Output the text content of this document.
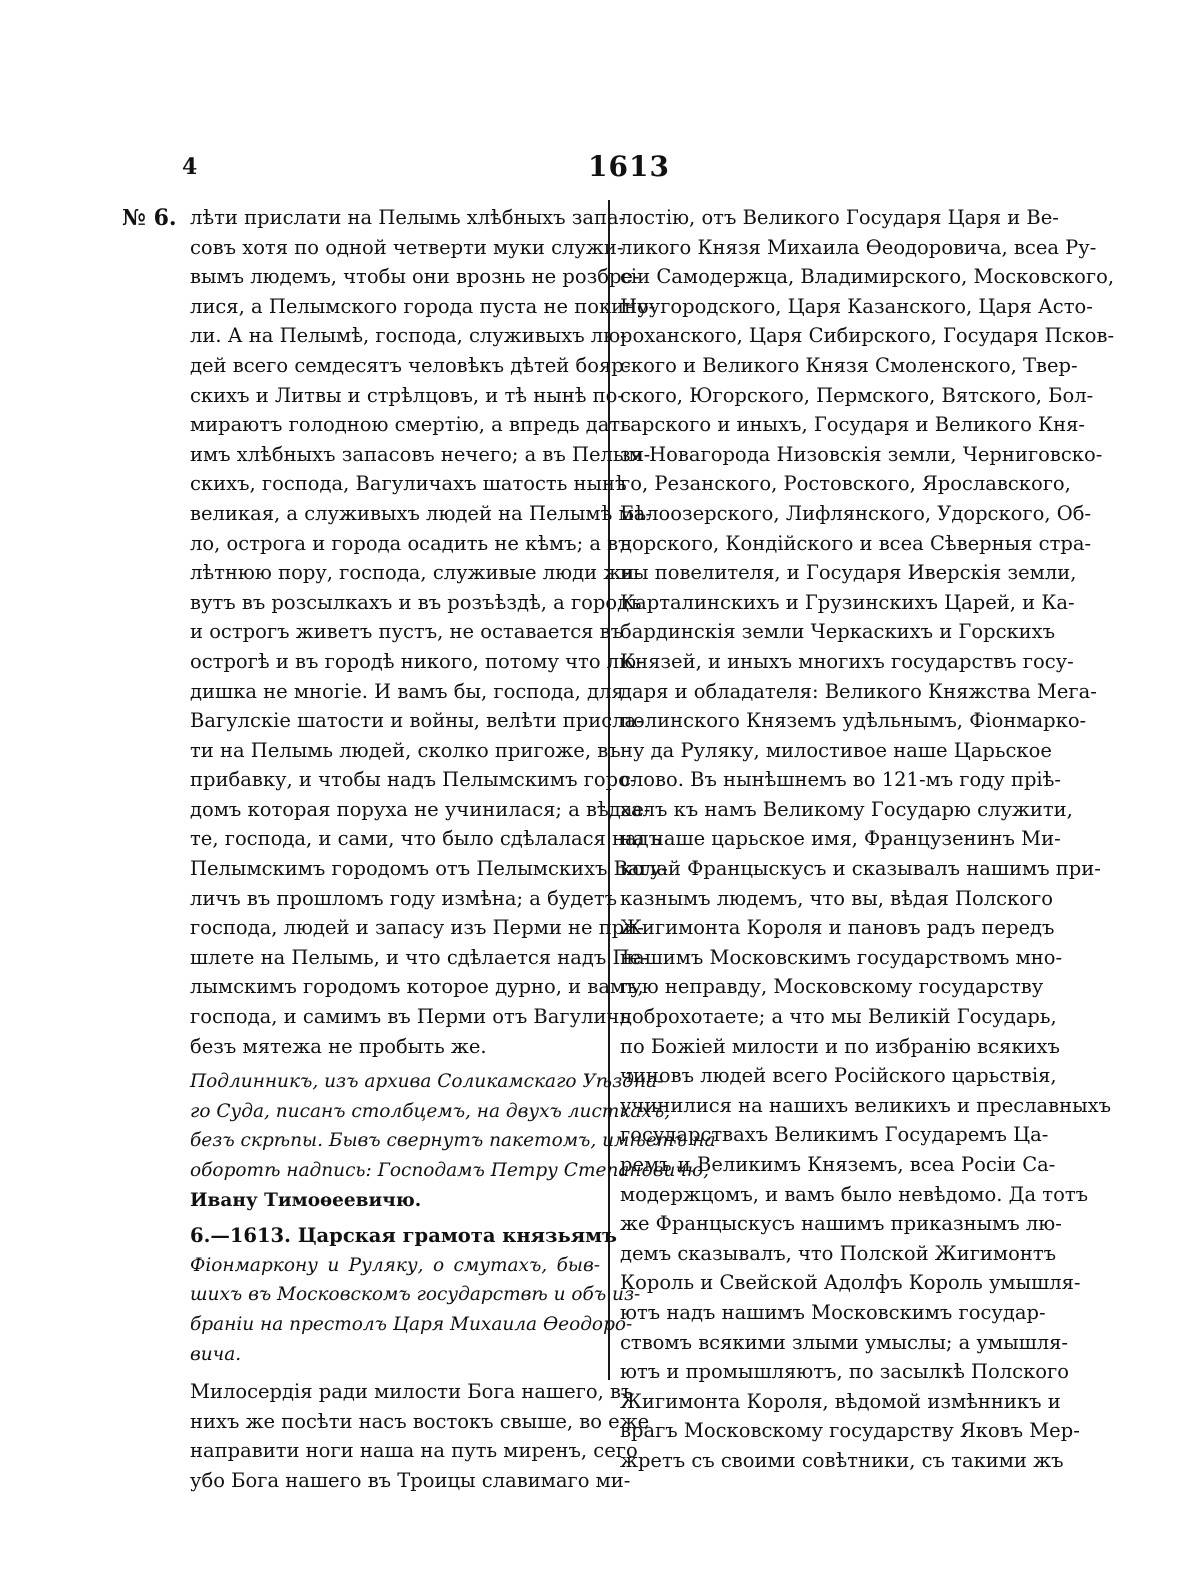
4	1613
№ 6. лѣти прислати на Пелымь хлѣбныхъ запа-
совъ хотя по одной четверти муки служи-
вымъ людемъ, чтобы они врознь не розбре-
лися, а Пелымского города пуста не покину-
ли. А на Пелымѣ, господа, служивыхъ лю-
дей всего семдесятъ человѣкъ дѣтей бояр-
скихъ и Литвы и стрѣлцовъ, и тѣ нынѣ по-
мираютъ голодною смертію, а впредь дать
имъ хлѣбныхъ запасовъ нечего; а въ Пелым-
скихъ, господа, Вагуличахъ шатость нынѣ
великая, а служивыхъ людей на Пелымѣ ма-
ло, острога и города осадить не кѣмъ; а въ
лѣтнюю пору, господа, служивые люди жи-
вутъ въ розсылкахъ и въ розъѣздѣ, а городъ
и острогъ живетъ пустъ, не оставается въ
острогѣ и въ городѣ никого, потому что лю-
дишка не многіе. И вамъ бы, господа, для
Вагулскіе шатости и войны, велѣти присла-
ти на Пелымь людей, сколко пригоже, въ
прибавку, и чтобы надъ Пелымскимъ горо-
домъ которая поруха не учинилася; а вѣдае-
те, господа, и сами, что было сдѣлалася надъ
Пелымскимъ городомъ отъ Пелымскихъ Вагу-
личъ въ прошломъ году измѣна; а будетъ
господа, людей и запасу изъ Перми не при-
шлете на Пелымь, и что сдѣлается надъ Пе-
лымскимъ городомъ которое дурно, и вамъ,
господа, и самимъ въ Перми отъ Вагуличь
безъ мятежа не пробыть же.
Подлинникъ, изъ архива Соликамскаго Уѣздна-
го Суда, писанъ столбцемъ, на двухъ листкахъ,
безъ скрѣпы. Бывъ свернутъ пакетомъ, имѣетъ на
оборотѣ надпись: Господамъ Петру Степановичю,
Ивану Тимоѳеевичю.
6.—1613. Царская грамота князьямъ
Фіонмаркону и Руляку, о смутахъ, быв-
шихъ въ Московскомъ государствѣ и объ из-
браніи на престолъ Царя Михаила Ѳеодоро-
вича.
Милосердія ради милости Бога нашего, въ
нихъ же посѣти насъ востокъ свыше, во еже
направити ноги наша на путь миренъ, сего
убо Бога нашего въ Троицы славимаго ми-
лостію, отъ Великого Государя Царя и Ве-
ликого Князя Михаила Ѳеодоровича, всеа Ру-
сіи Самодержца, Владимирского, Московского,
Ноугородского, Царя Казанского, Царя Асто-
роханского, Царя Сибирского, Государя Псков-
ского и Великого Князя Смоленского, Твер-
ского, Югорского, Пермского, Вятского, Бол-
гарского и иныхъ, Государя и Великого Кня-
зя Новагорода Низовскія земли, Черниговско-
го, Резанского, Ростовского, Ярославского,
Бѣлоозерского, Лифлянского, Удорского, Об-
дорского, Кондійского и всеа Сѣверныя стра-
ны повелителя, и Государя Иверскія земли,
Карталинскихъ и Грузинскихъ Царей, и Ка-
бардинскія земли Черкаскихъ и Горскихъ
Князей, и иныхъ многихъ государствъ госу-
даря и обладателя: Великого Княжства Мега-
полинского Княземъ удѣльнымъ, Фіонмарко-
ну да Руляку, милостивое наше Царьское
слово. Въ нынѣшнемъ во 121-мъ году пріѣ-
халъ къ намъ Великому Государю служити,
на наше царьское имя, Французенинъ Ми-
колай Францыскусъ и сказывалъ нашимъ при-
казнымъ людемъ, что вы, вѣдая Полского
Жигимонта Короля и пановъ радъ передъ
нашимъ Московскимъ государствомъ мно-
гую неправду, Московскому государству
доброхотаете; а что мы Великій Государь,
по Божіей милости и по избранію всякихъ
чиновъ людей всего Російского царьствія,
учинилися на нашихъ великихъ и преславныхъ
государствахъ Великимъ Государемъ Ца-
ремъ и Великимъ Княземъ, всеа Росіи Са-
модержцомъ, и вамъ было невѣдомо. Да тотъ
же Францыскусъ нашимъ приказнымъ лю-
демъ сказывалъ, что Полской Жигимонтъ
Король и Свейской Адолфъ Король умышля-
ютъ надъ нашимъ Московскимъ государ-
ствомъ всякими злыми умыслы; а умышля-
ютъ и промышляютъ, по засылкѣ Полского
Жигимонта Короля, вѣдомой измѣнникъ и
врагъ Московскому государству Яковъ Мер-
жретъ съ своими совѣтники, съ такими жъ
